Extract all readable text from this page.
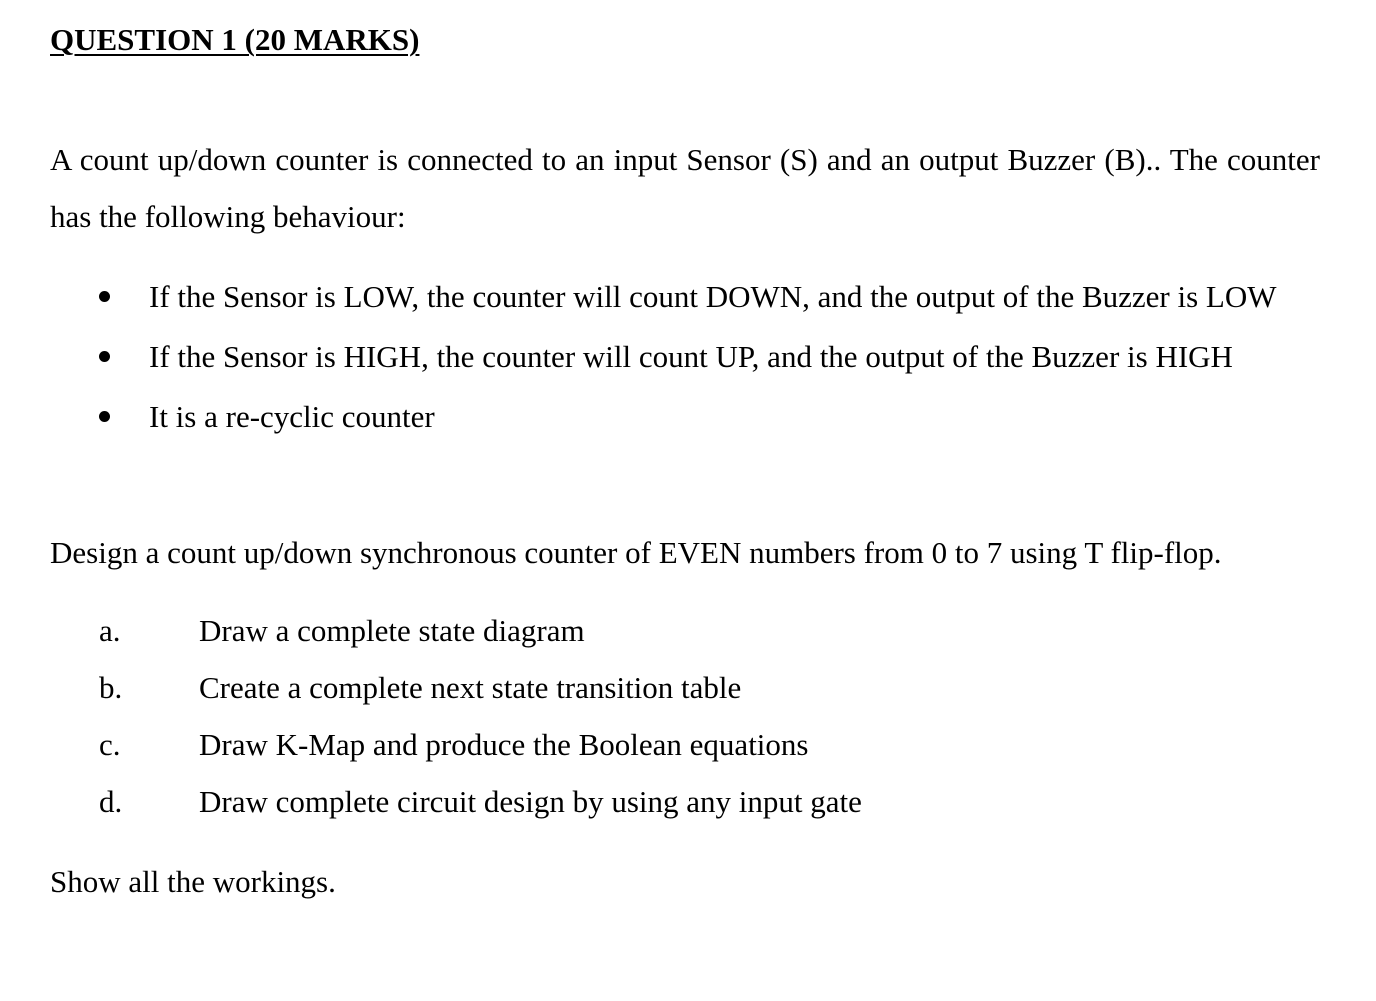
QUESTION 1 (20 MARKS)
A count up/down counter is connected to an input Sensor (S) and an output Buzzer (B).. The counter has the following behaviour:
If the Sensor is LOW, the counter will count DOWN, and the output of the Buzzer is LOW
If the Sensor is HIGH, the counter will count UP, and the output of the Buzzer is HIGH
It is a re-cyclic counter
Design a count up/down synchronous counter of EVEN numbers from 0 to 7 using T flip-flop.
a.	Draw a complete state diagram
b. Create a complete next state transition table
c.	Draw K-Map and produce the Boolean equations
d. Draw complete circuit design by using any input gate
Show all the workings.
